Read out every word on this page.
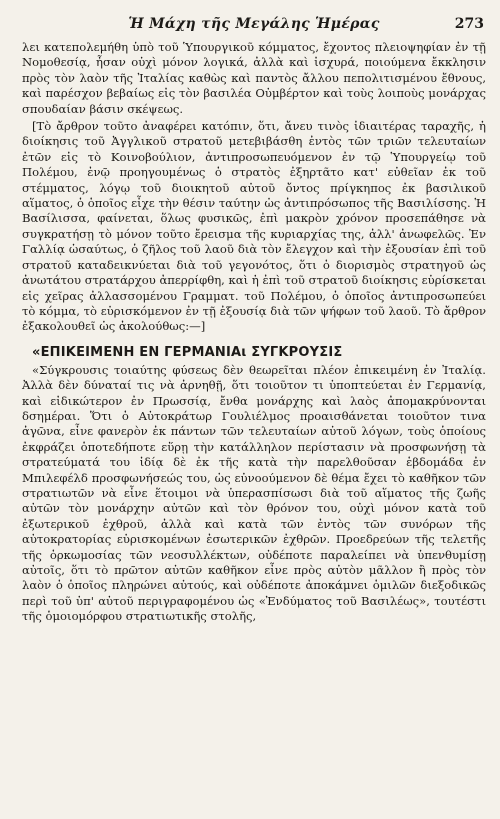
Ἡ Μάχη τῆς Μεγάλης Ἡμέρας	273

λει κατεπολεμήθη ὑπὸ τοῦ Ὑπουργικοῦ κόμματος, ἔχοντος πλειοψηφίαν ἐν τῇ Νομοθεσίᾳ, ἦσαν οὐχὶ μόνον λογικά, ἀλλὰ καὶ ἰσχυρά, ποιούμενα ἔκκλησιν πρὸς τὸν λαὸν τῆς Ἰταλίας καθὼς καὶ παντὸς ἄλλου πεπολιτισμένου ἔθνους, καὶ παρέσχον βεβαίως εἰς τὸν βασιλέα Οὐμβέρτον καὶ τοὺς λοιποὺς μονάρχας σπουδαίαν βάσιν σκέψεως.

[Τὸ ἄρθρον τοῦτο ἀναφέρει κατόπιν, ὅτι, ἄνευ τινὸς ἰδιαιτέρας ταραχῆς, ἡ διοίκησις τοῦ Ἀγγλικοῦ στρατοῦ μετεβιβάσθη ἐντὸς τῶν τριῶν τελευταίων ἐτῶν εἰς τὸ Κοινοβούλιον, ἀντιπροσωπευόμενον ἐν τῷ Ὑπουργείῳ τοῦ Πολέμου, ἐνῷ προηγουμένως ὁ στρατὸς ἐξηρτᾶτο κατ' εὐθεῖαν ἐκ τοῦ στέμματος, λόγῳ τοῦ διοικητοῦ αὐτοῦ ὄντος πρίγκηπος ἐκ βασιλικοῦ αἵματος, ὁ ὁποῖος εἶχε τὴν θέσιν ταύτην ὡς ἀντιπρόσωπος τῆς Βασιλίσσης. Ἡ Βασίλισσα, φαίνεται, ὅλως φυσικῶς, ἐπὶ μακρὸν χρόνον προσεπάθησε νὰ συγκρατήσῃ τὸ μόνον τοῦτο ἔρεισμα τῆς κυριαρχίας της, ἀλλ' ἀνωφελῶς. Ἐν Γαλλίᾳ ὡσαύτως, ὁ ζῆλος τοῦ λαοῦ διὰ τὸν ἔλεγχον καὶ τὴν ἐξουσίαν ἐπὶ τοῦ στρατοῦ καταδεικνύεται διὰ τοῦ γεγονότος, ὅτι ὁ διορισμὸς στρατηγοῦ ὡς ἀνωτάτου στρατάρχου ἀπερρίφθη, καὶ ἡ ἐπὶ τοῦ στρατοῦ διοίκησις εὑρίσκεται εἰς χεῖρας ἀλλασσομένου Γραμματ. τοῦ Πολέμου, ὁ ὁποῖος ἀντιπροσωπεύει τὸ κόμμα, τὸ εὑρισκόμενον ἐν τῇ ἐξουσίᾳ διὰ τῶν ψήφων τοῦ λαοῦ. Τὸ ἄρθρον ἐξακολουθεῖ ὡς ἀκολούθως:—]

«ΕΠΙΚΕΙΜΕΝΗ ΕΝ ΓΕΡΜΑΝΙΑι ΣΥΓΚΡΟΥΣΙΣ

«Σύγκρουσις τοιαύτης φύσεως δὲν θεωρεῖται πλέον ἐπικειμένη ἐν Ἰταλίᾳ. Ἀλλὰ δὲν δύναταί τις νὰ ἀρνηθῇ, ὅτι τοιοῦτον τι ὑποπτεύεται ἐν Γερμανίᾳ, καὶ εἰδικώτερον ἐν Πρωσσίᾳ, ἔνθα μονάρχης καὶ λαὸς ἀπομακρύνονται δσημέραι. Ὅτι ὁ Αὐτοκράτωρ Γουλιέλμος προαισθάνεται τοιοῦτον τινα ἀγῶνα, εἶνε φανερὸν ἐκ πάντων τῶν τελευταίων αὐτοῦ λόγων, τοὺς ὁποίους ἐκφράζει ὁποτεδήποτε εὕρῃ τὴν κατάλληλον περίστασιν νὰ προσφωνήσῃ τὰ στρατεύματά του ἰδίᾳ δὲ ἐκ τῆς κατὰ τὴν παρελθοῦσαν ἑβδομάδα ἐν Μπιλεφέλδ προσφωνήσεώς του, ὡς εὐνοούμενον δὲ θέμα ἔχει τὸ καθῆκον τῶν στρατιωτῶν νὰ εἶνε ἕτοιμοι νὰ ὑπερασπίσωσι διὰ τοῦ αἵματος τῆς ζωῆς αὐτῶν τὸν μονάρχην αὐτῶν καὶ τὸν θρόνον του, οὐχὶ μόνον κατὰ τοῦ ἐξωτερικοῦ ἐχθροῦ, ἀλλὰ καὶ κατὰ τῶν ἐντὸς τῶν συνόρων τῆς αὐτοκρατορίας εὑρισκομένων ἐσωτερικῶν ἐχθρῶν. Προεδρεύων τῆς τελετῆς τῆς ὁρκωμοσίας τῶν νεοσυλλέκτων, οὐδέποτε παραλείπει νὰ ὑπενθυμίσῃ αὐτοῖς, ὅτι τὸ πρῶτον αὐτῶν καθῆκον εἶνε πρὸς αὐτὸν μᾶλλον ἢ πρὸς τὸν λαὸν ὁ ὁποῖος πληρώνει αὐτούς, καὶ οὐδέποτε ἀποκάμνει ὁμιλῶν διεξοδικῶς περὶ τοῦ ὑπ' αὐτοῦ περιγραφομένου ὡς «Ἐνδύματος τοῦ Βασιλέως», τουτέστι τῆς ὁμοιομόρφου στρατιωτικῆς στολῆς,
